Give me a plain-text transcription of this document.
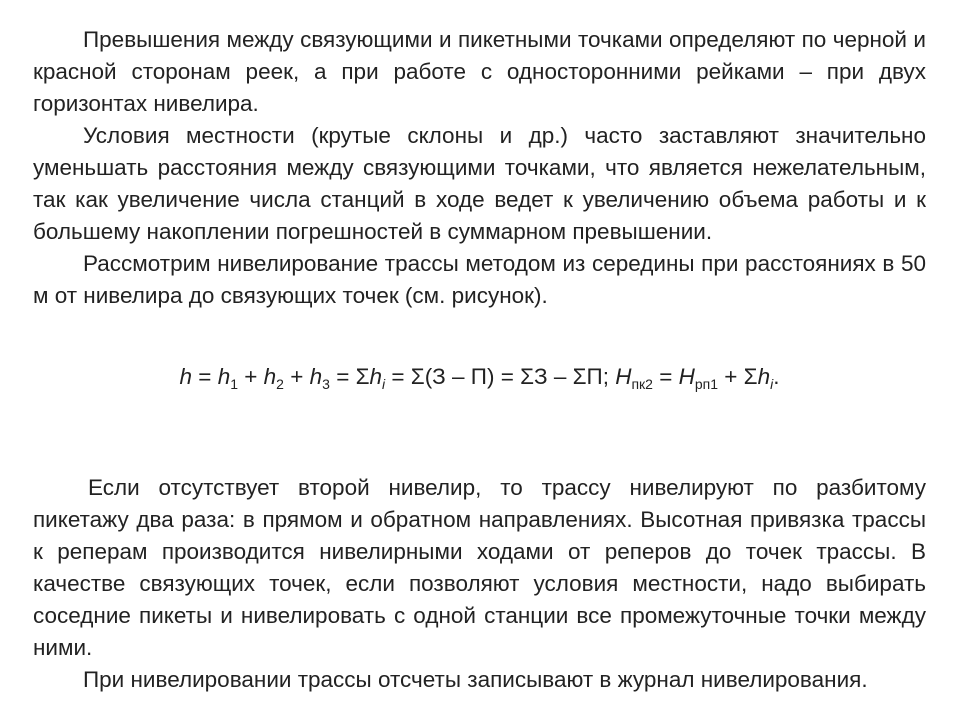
Превышения между связующими и пикетными точками определяют по черной и красной сторонам реек, а при работе с односторонними рейками – при двух горизонтах нивелира.

Условия местности (крутые склоны и др.) часто заставляют значительно уменьшать расстояния между связующими точками, что является нежелательным, так как увеличение числа станций в ходе ведет к увеличению объема работы и к большему накоплении погрешностей в суммарном превышении.

Рассмотрим нивелирование трассы методом из середины при расстояниях в 50 м от нивелира до связующих точек (см. рисунок).

$h = h_1 + h_2 + h_3 = \Sigma h_i = \Sigma(З - П) = \Sigma З - \Sigma П$; $H_{пк2} = H_{рп1} + \Sigma h_i$.

Если отсутствует второй нивелир, то трассу нивелируют по разбитому пикетажу два раза: в прямом и обратном направлениях. Высотная привязка трассы к реперам производится нивелирными ходами от реперов до точек трассы. В качестве связующих точек, если позволяют условия местности, надо выбирать соседние пикеты и нивелировать с одной станции все промежуточные точки между ними.

При нивелировании трассы отсчеты записывают в журнал нивелирования.
